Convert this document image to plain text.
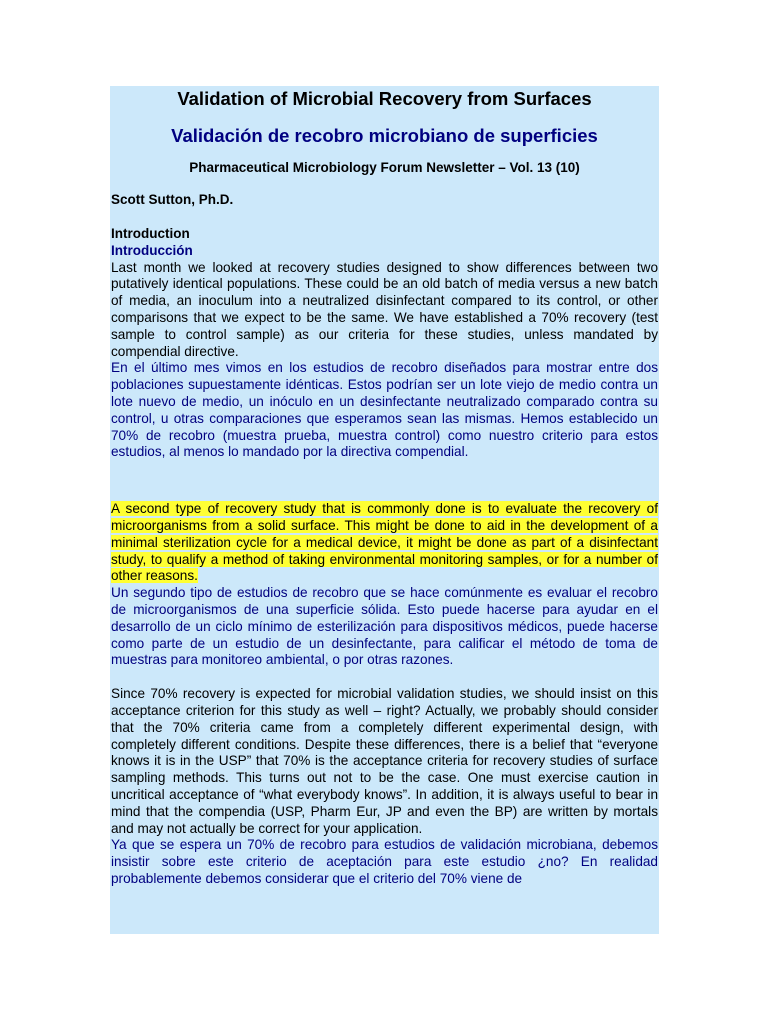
Validation of Microbial Recovery from Surfaces
Validación de recobro microbiano de superficies
Pharmaceutical Microbiology Forum Newsletter – Vol. 13 (10)
Scott Sutton, Ph.D.
Introduction
Introducción

Last month we looked at recovery studies designed to show differences between two putatively identical populations. These could be an old batch of media versus a new batch of media, an inoculum into a neutralized disinfectant compared to its control, or other comparisons that we expect to be the same. We have established a 70% recovery (test sample to control sample) as our criteria for these studies, unless mandated by compendial directive.

En el último mes vimos en los estudios de recobro diseñados para mostrar entre dos poblaciones supuestamente idénticas. Estos podrían ser un lote viejo de medio contra un lote nuevo de medio, un inóculo en un desinfectante neutralizado comparado contra su control, u otras comparaciones que esperamos sean las mismas. Hemos establecido un 70% de recobro (muestra prueba, muestra control) como nuestro criterio para estos estudios, al menos lo mandado por la directiva compendial.

A second type of recovery study that is commonly done is to evaluate the recovery of microorganisms from a solid surface. This might be done to aid in the development of a minimal sterilization cycle for a medical device, it might be done as part of a disinfectant study, to qualify a method of taking environmental monitoring samples, or for a number of other reasons.

Un segundo tipo de estudios de recobro que se hace comúnmente es evaluar el recobro de microorganismos de una superficie sólida. Esto puede hacerse para ayudar en el desarrollo de un ciclo mínimo de esterilización para dispositivos médicos, puede hacerse como parte de un estudio de un desinfectante, para calificar el método de toma de muestras para monitoreo ambiental, o por otras razones.

Since 70% recovery is expected for microbial validation studies, we should insist on this acceptance criterion for this study as well – right? Actually, we probably should consider that the 70% criteria came from a completely different experimental design, with completely different conditions. Despite these differences, there is a belief that “everyone knows it is in the USP” that 70% is the acceptance criteria for recovery studies of surface sampling methods. This turns out not to be the case. One must exercise caution in uncritical acceptance of “what everybody knows”. In addition, it is always useful to bear in mind that the compendia (USP, Pharm Eur, JP and even the BP) are written by mortals and may not actually be correct for your application.

Ya que se espera un 70% de recobro para estudios de validación microbiana, debemos insistir sobre este criterio de aceptación para este estudio ¿no? En realidad probablemente debemos considerar que el criterio del 70% viene de
